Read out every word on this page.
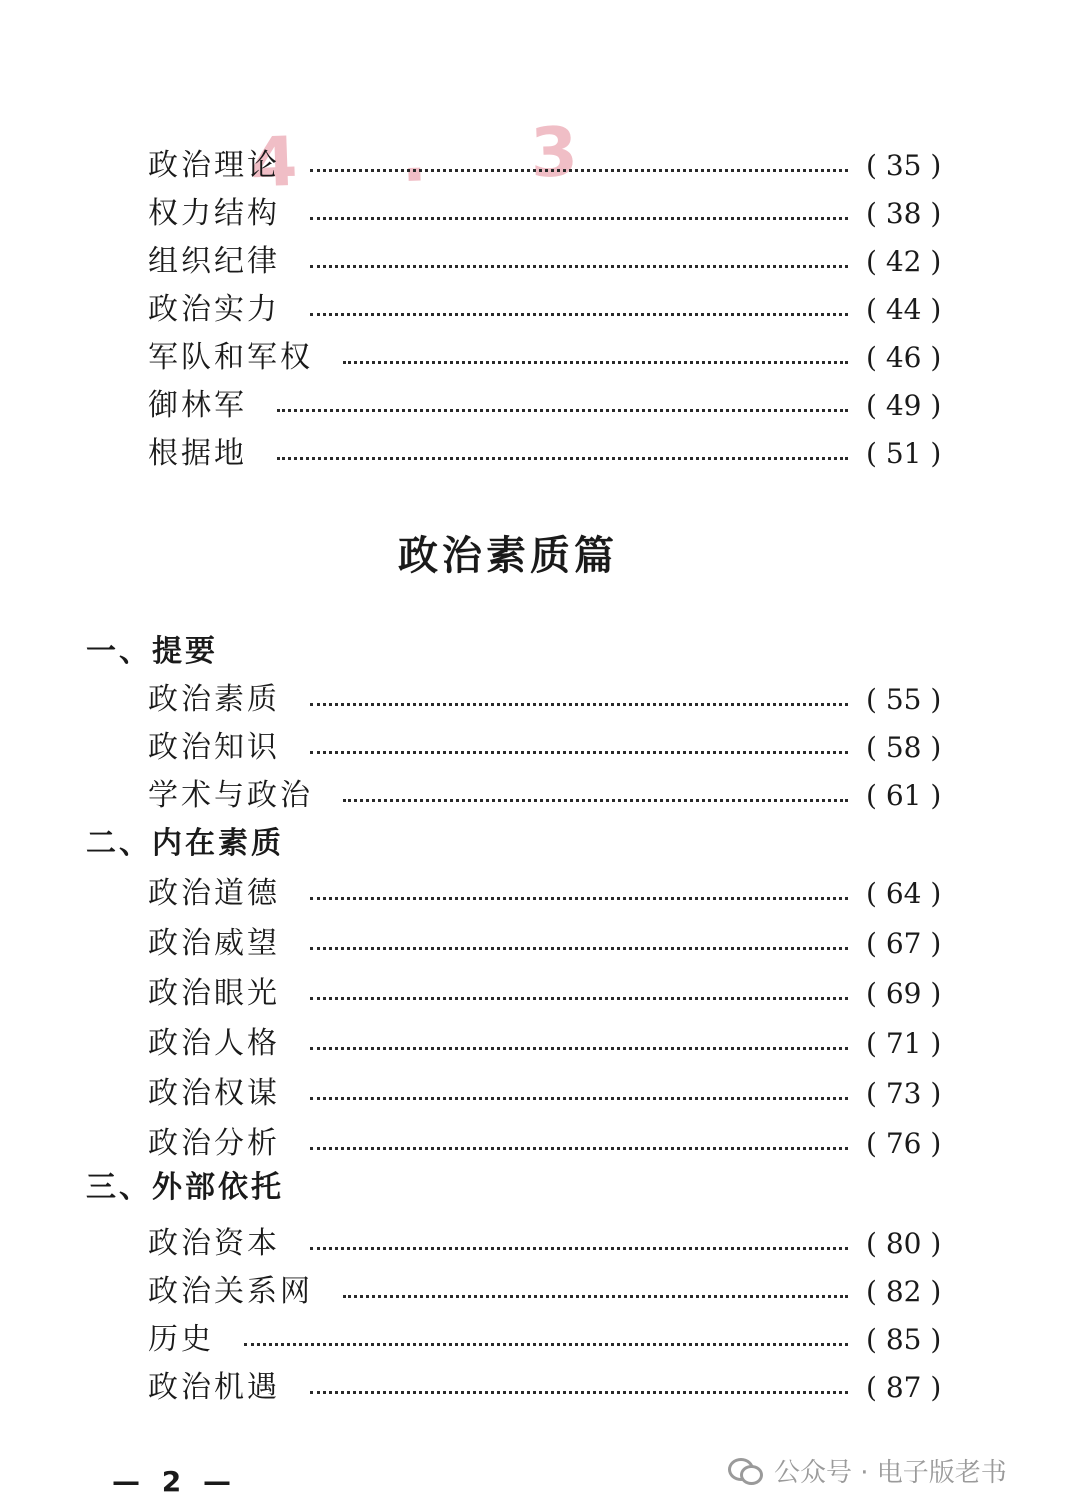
4 . 3
政治理论	( 35 )
权力结构	( 38 )
组织纪律	( 42 )
政治实力	( 44 )
军队和军权	( 46 )
御林军	( 49 )
根据地	( 51 )
政治素质篇
一、提要
政治素质	( 55 )
政治知识	( 58 )
学术与政治	( 61 )
二、内在素质
政治道德	( 64 )
政治威望	( 67 )
政治眼光	( 69 )
政治人格	( 71 )
政治权谋	( 73 )
政治分析	( 76 )
三、外部依托
政治资本	( 80 )
政治关系网	( 82 )
历史	( 85 )
政治机遇	( 87 )
— 2 —	公众号 · 电子版老书
